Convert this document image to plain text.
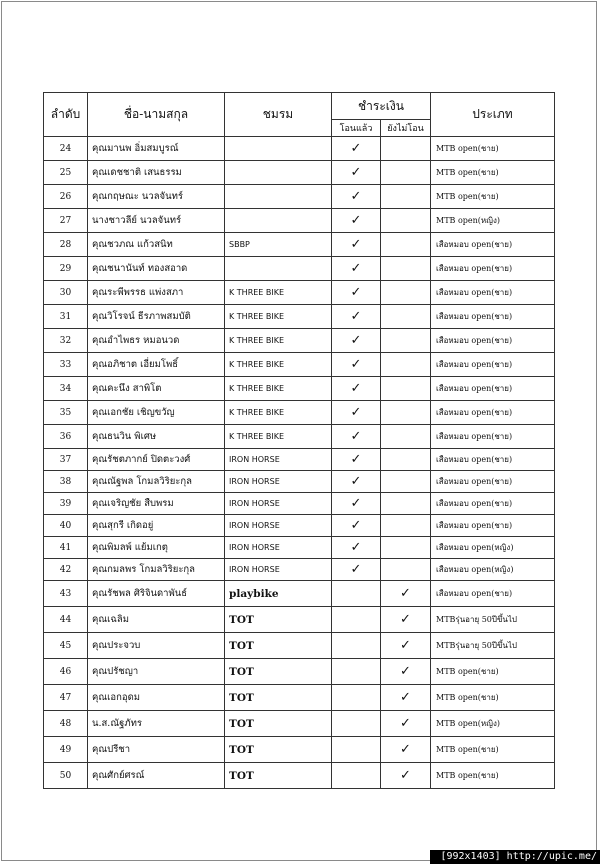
ลำดับ	ชื่อ-นามสกุล	ชมรม	ชำระเงิน		ประเภท
			โอนแล้ว	ยังไม่โอน	
24	คุณมานพ อิ่มสมบูรณ์		✓		MTB open(ชาย)
25	คุณเดชชาติ เสนธรรม		✓		MTB open(ชาย)
26	คุณกฤษณะ นวลจันทร์		✓		MTB open(ชาย)
27	นางชาวลีย์ นวลจันทร์		✓		MTB open(หญิง)
28	คุณชวภณ แก้วสนิท	SBBP	✓		เสือหมอบ open(ชาย)
29	คุณชนานันท์ ทองสอาด		✓		เสือหมอบ open(ชาย)
30	คุณระพีพรรธ แพ่งสภา	K THREE BIKE	✓		เสือหมอบ open(ชาย)
31	คุณวิโรจน์ ธีรภาพสมบัติ	K THREE BIKE	✓		เสือหมอบ open(ชาย)
32	คุณอำไพธร หมอนวด	K THREE BIKE	✓		เสือหมอบ open(ชาย)
33	คุณอภิชาต เอี่ยมโพธิ์	K THREE BIKE	✓		เสือหมอบ open(ชาย)
34	คุณคะนึง สาพิโต	K THREE BIKE	✓		เสือหมอบ open(ชาย)
35	คุณเอกชัย เชิญขวัญ	K THREE BIKE	✓		เสือหมอบ open(ชาย)
36	คุณธนวิน พิเศษ	K THREE BIKE	✓		เสือหมอบ open(ชาย)
37	คุณรัชตภากย์ ปิดตะวงศ์	IRON HORSE	✓		เสือหมอบ open(ชาย)
38	คุณณัฐพล โกมลวิริยะกุล	IRON HORSE	✓		เสือหมอบ open(ชาย)
39	คุณเจริญชัย สืบพรม	IRON HORSE	✓		เสือหมอบ open(ชาย)
40	คุณสุกรี เกิดอยู่	IRON HORSE	✓		เสือหมอบ open(ชาย)
41	คุณพิมลพ์ แย้มเกตุ	IRON HORSE	✓		เสือหมอบ open(หญิง)
42	คุณกมลพร โกมลวิริยะกุล	IRON HORSE	✓		เสือหมอบ open(หญิง)
43	คุณรัชพล ศิริจินดาพันธ์	playbike		✓	เสือหมอบ open(ชาย)
44	คุณเฉลิม	TOT		✓	MTBรุ่นอายุ 50ปีขึ้นไป
45	คุณประจวบ	TOT		✓	MTBรุ่นอายุ 50ปีขึ้นไป
46	คุณปรัชญา	TOT		✓	MTB open(ชาย)
47	คุณเอกอุดม	TOT		✓	MTB open(ชาย)
48	น.ส.ณัฐภัทร	TOT		✓	MTB open(หญิง)
49	คุณปรีชา	TOT		✓	MTB open(ชาย)
50	คุณศักย์ศรณ์	TOT		✓	MTB open(ชาย)
[992x1403] http://upic.me/
